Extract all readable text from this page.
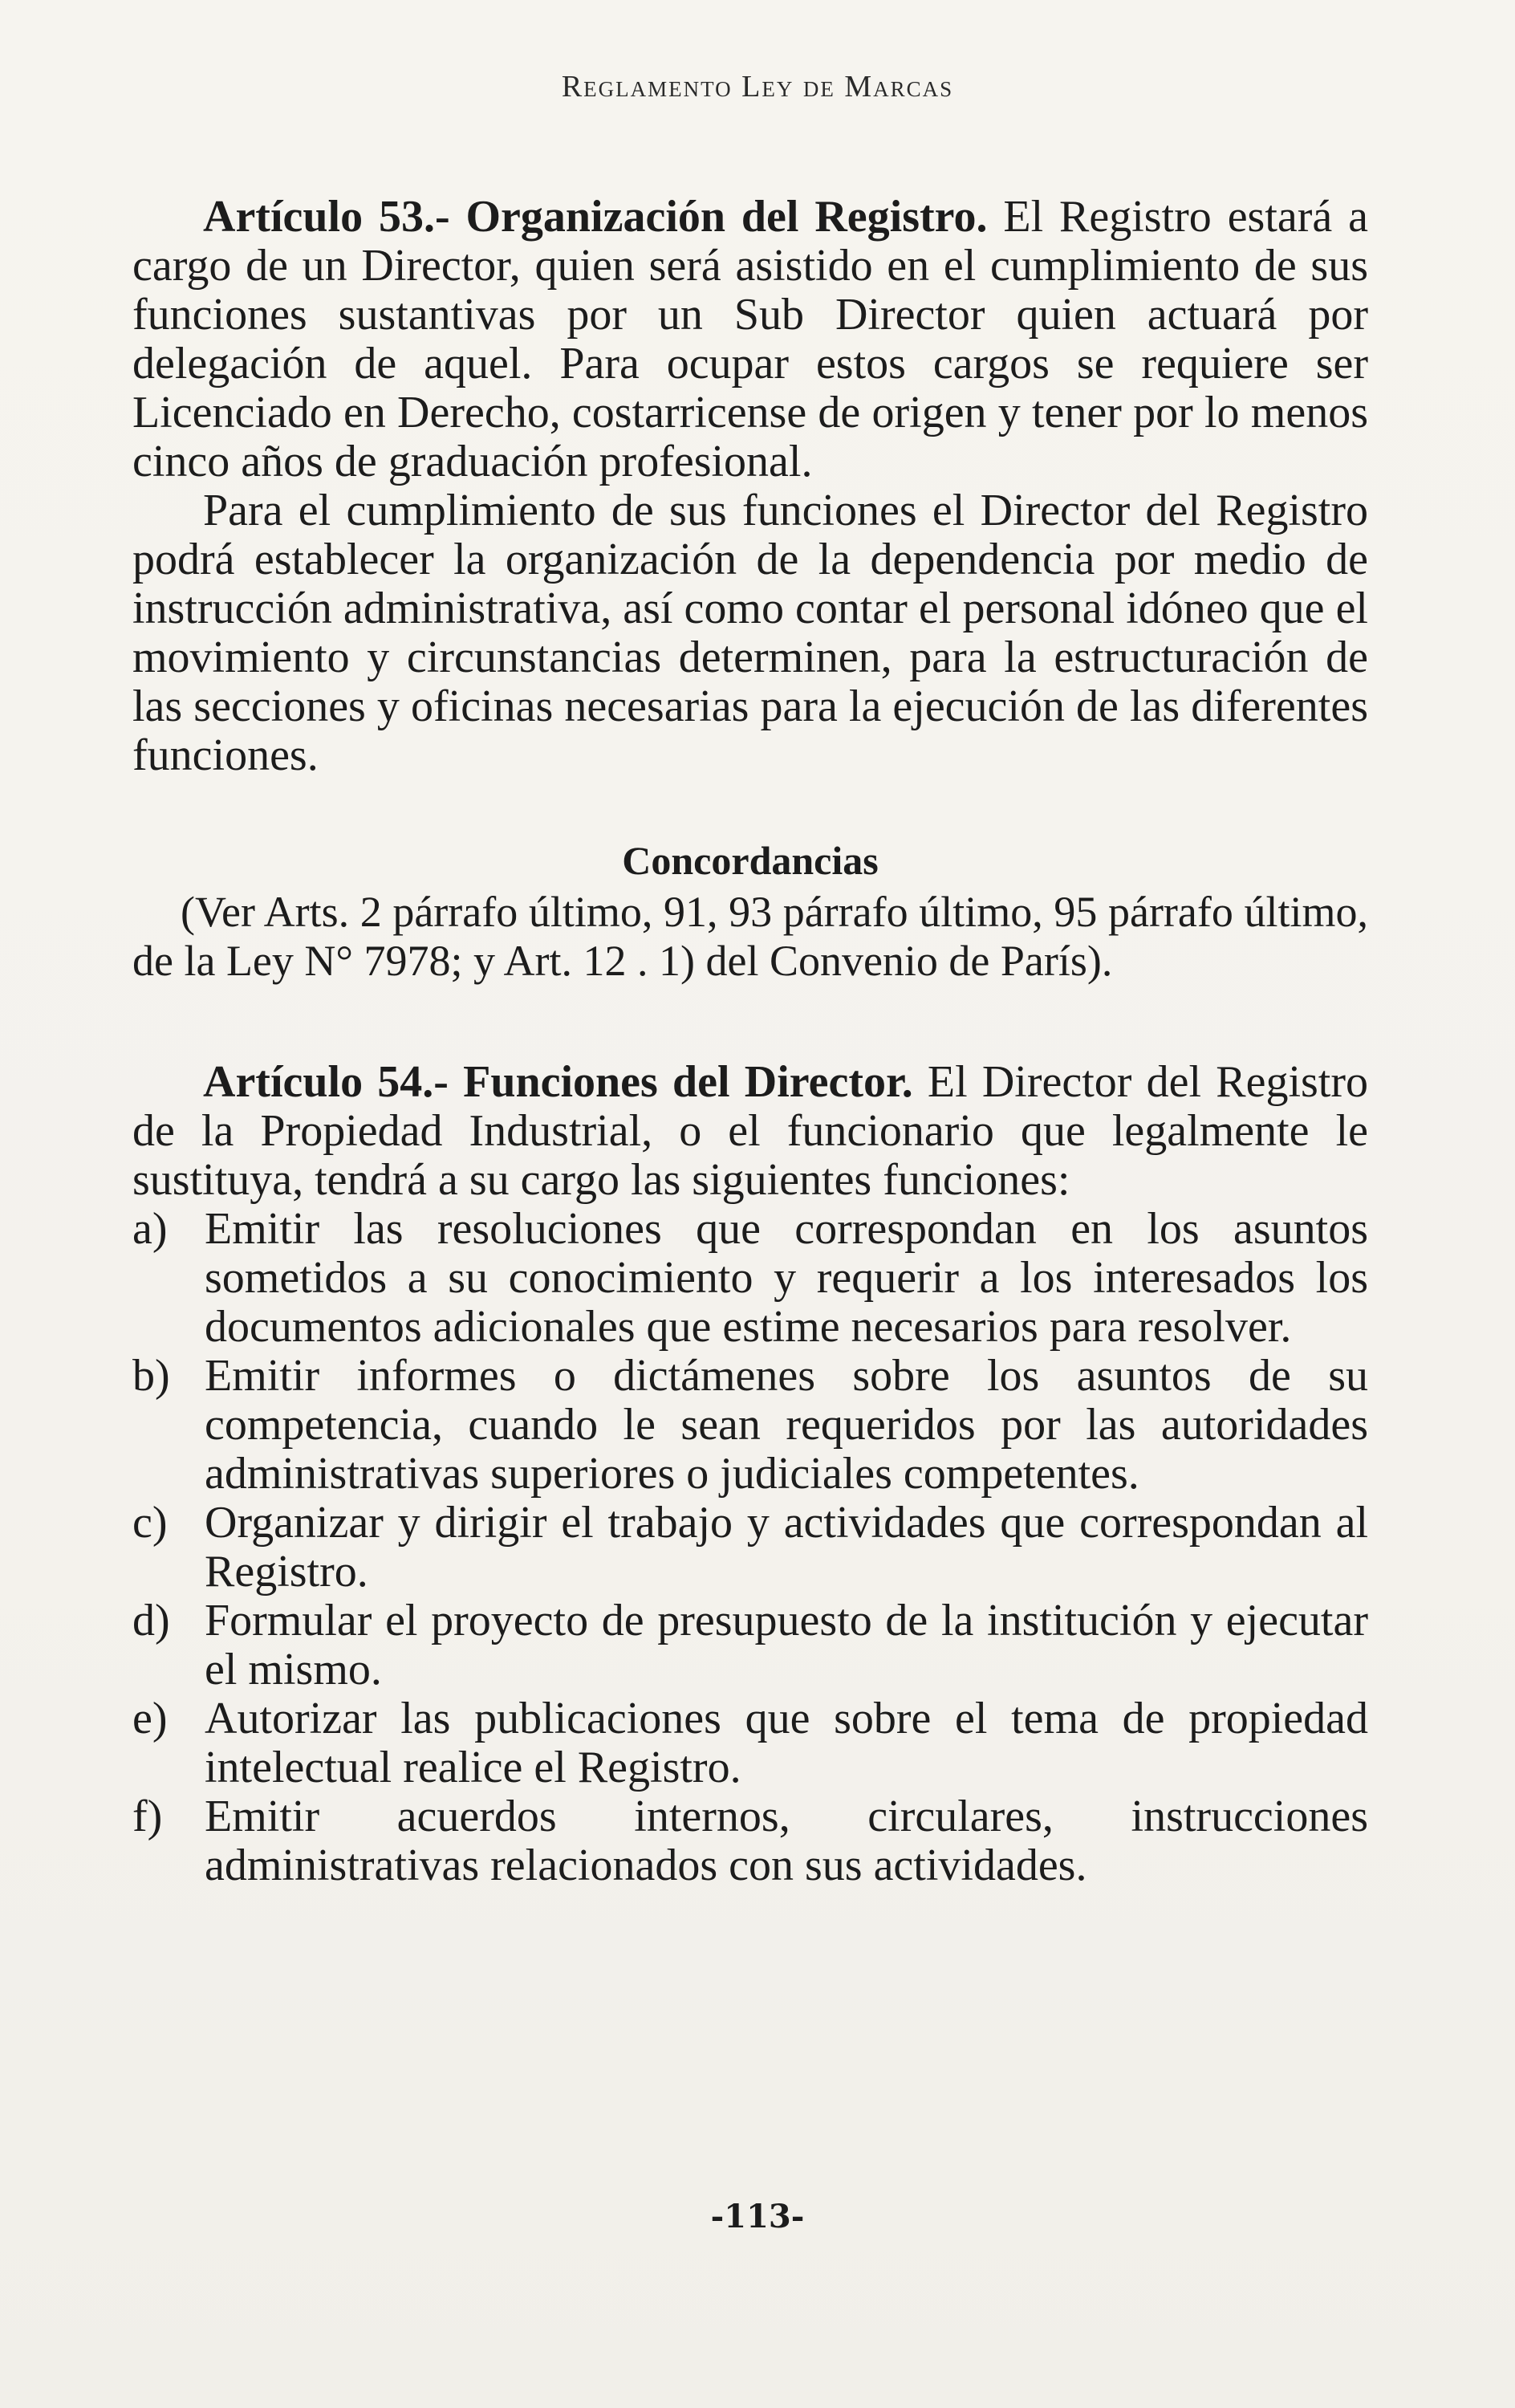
Reglamento Ley de Marcas

Artículo 53.- Organización del Registro. El Registro estará a cargo de un Director, quien será asistido en el cumplimiento de sus funciones sustantivas por un Sub Director quien actuará por delegación de aquel. Para ocupar estos cargos se requiere ser Licenciado en Derecho, costarricense de origen y tener por lo menos cinco años de graduación profesional.

Para el cumplimiento de sus funciones el Director del Registro podrá establecer la organización de la dependencia por medio de instrucción administrativa, así como contar el personal idóneo que el movimiento y circunstancias determinen, para la estructuración de las secciones y oficinas necesarias para la ejecución de las diferentes funciones.

Concordancias

(Ver Arts. 2 párrafo último, 91, 93 párrafo último, 95 párrafo último, de la Ley N° 7978; y Art. 12 . 1) del Convenio de París).

Artículo 54.- Funciones del Director. El Director del Registro de la Propiedad Industrial, o el funcionario que legalmente le sustituya, tendrá a su cargo las siguientes funciones:

a) Emitir las resoluciones que correspondan en los asuntos sometidos a su conocimiento y requerir a los interesados los documentos adicionales que estime necesarios para resolver.
b) Emitir informes o dictámenes sobre los asuntos de su competencia, cuando le sean requeridos por las autoridades administrativas superiores o judiciales competentes.
c) Organizar y dirigir el trabajo y actividades que correspondan al Registro.
d) Formular el proyecto de presupuesto de la institución y ejecutar el mismo.
e) Autorizar las publicaciones que sobre el tema de propiedad intelectual realice el Registro.
f) Emitir acuerdos internos, circulares, instrucciones administrativas relacionados con sus actividades.
-113-
